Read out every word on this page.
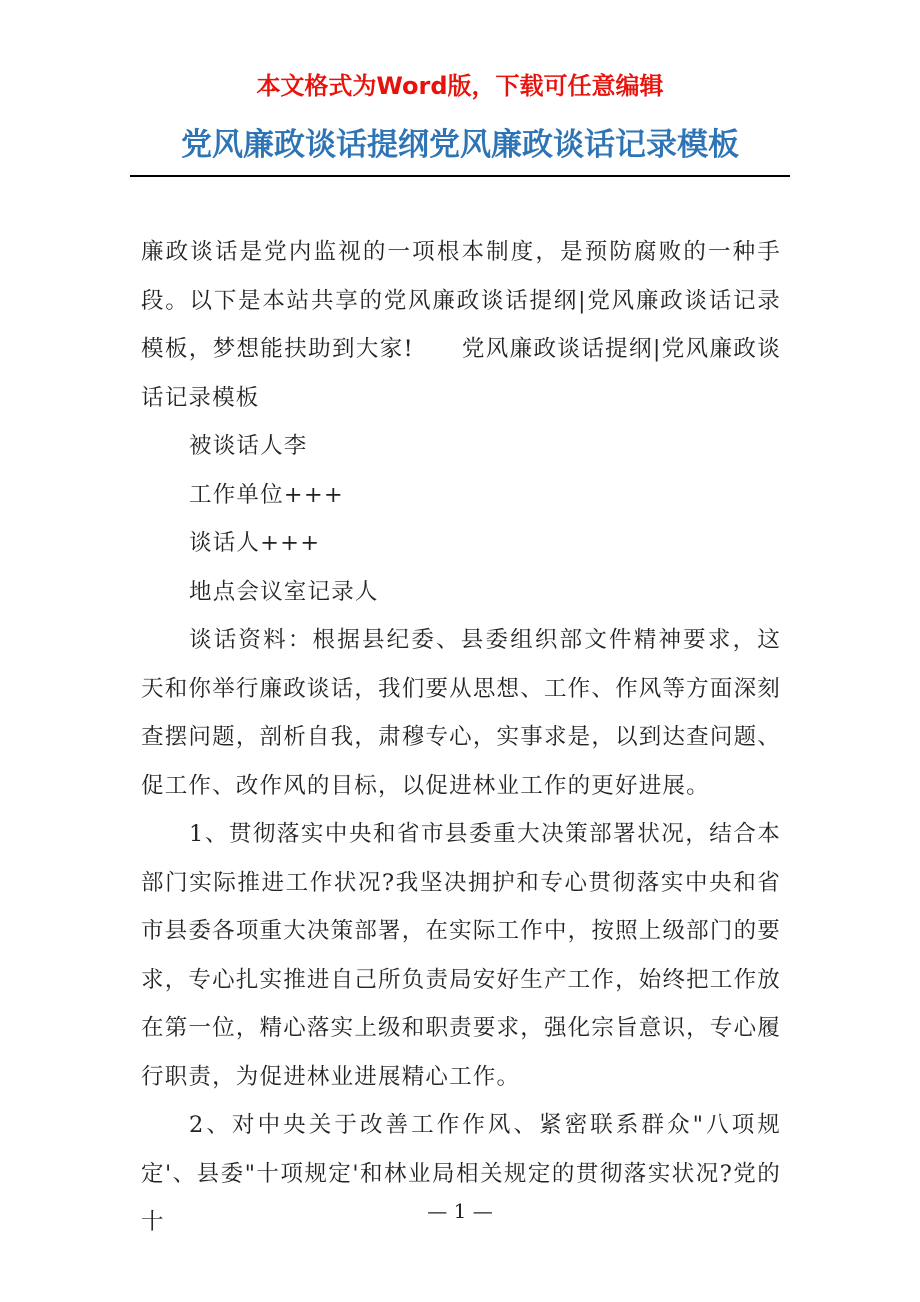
本文格式为Word版，下载可任意编辑
党风廉政谈话提纲党风廉政谈话记录模板

廉政谈话是党内监视的一项根本制度，是预防腐败的一种手段。以下是本站共享的党风廉政谈话提纲|党风廉政谈话记录模板，梦想能扶助到大家!　　党风廉政谈话提纲|党风廉政谈话记录模板

被谈话人李

工作单位+++

谈话人+++

地点会议室记录人

谈话资料：根据县纪委、县委组织部文件精神要求，这天和你举行廉政谈话，我们要从思想、工作、作风等方面深刻查摆问题，剖析自我，肃穆专心，实事求是，以到达查问题、促工作、改作风的目标，以促进林业工作的更好进展。

1、贯彻落实中央和省市县委重大决策部署状况，结合本部门实际推进工作状况?我坚决拥护和专心贯彻落实中央和省市县委各项重大决策部署，在实际工作中，按照上级部门的要求，专心扎实推进自己所负责局安好生产工作，始终把工作放在第一位，精心落实上级和职责要求，强化宗旨意识，专心履行职责，为促进林业进展精心工作。

2、对中央关于改善工作作风、紧密联系群众"八项规定'、县委"十项规定'和林业局相关规定的贯彻落实状况?党的十	— 1 —
